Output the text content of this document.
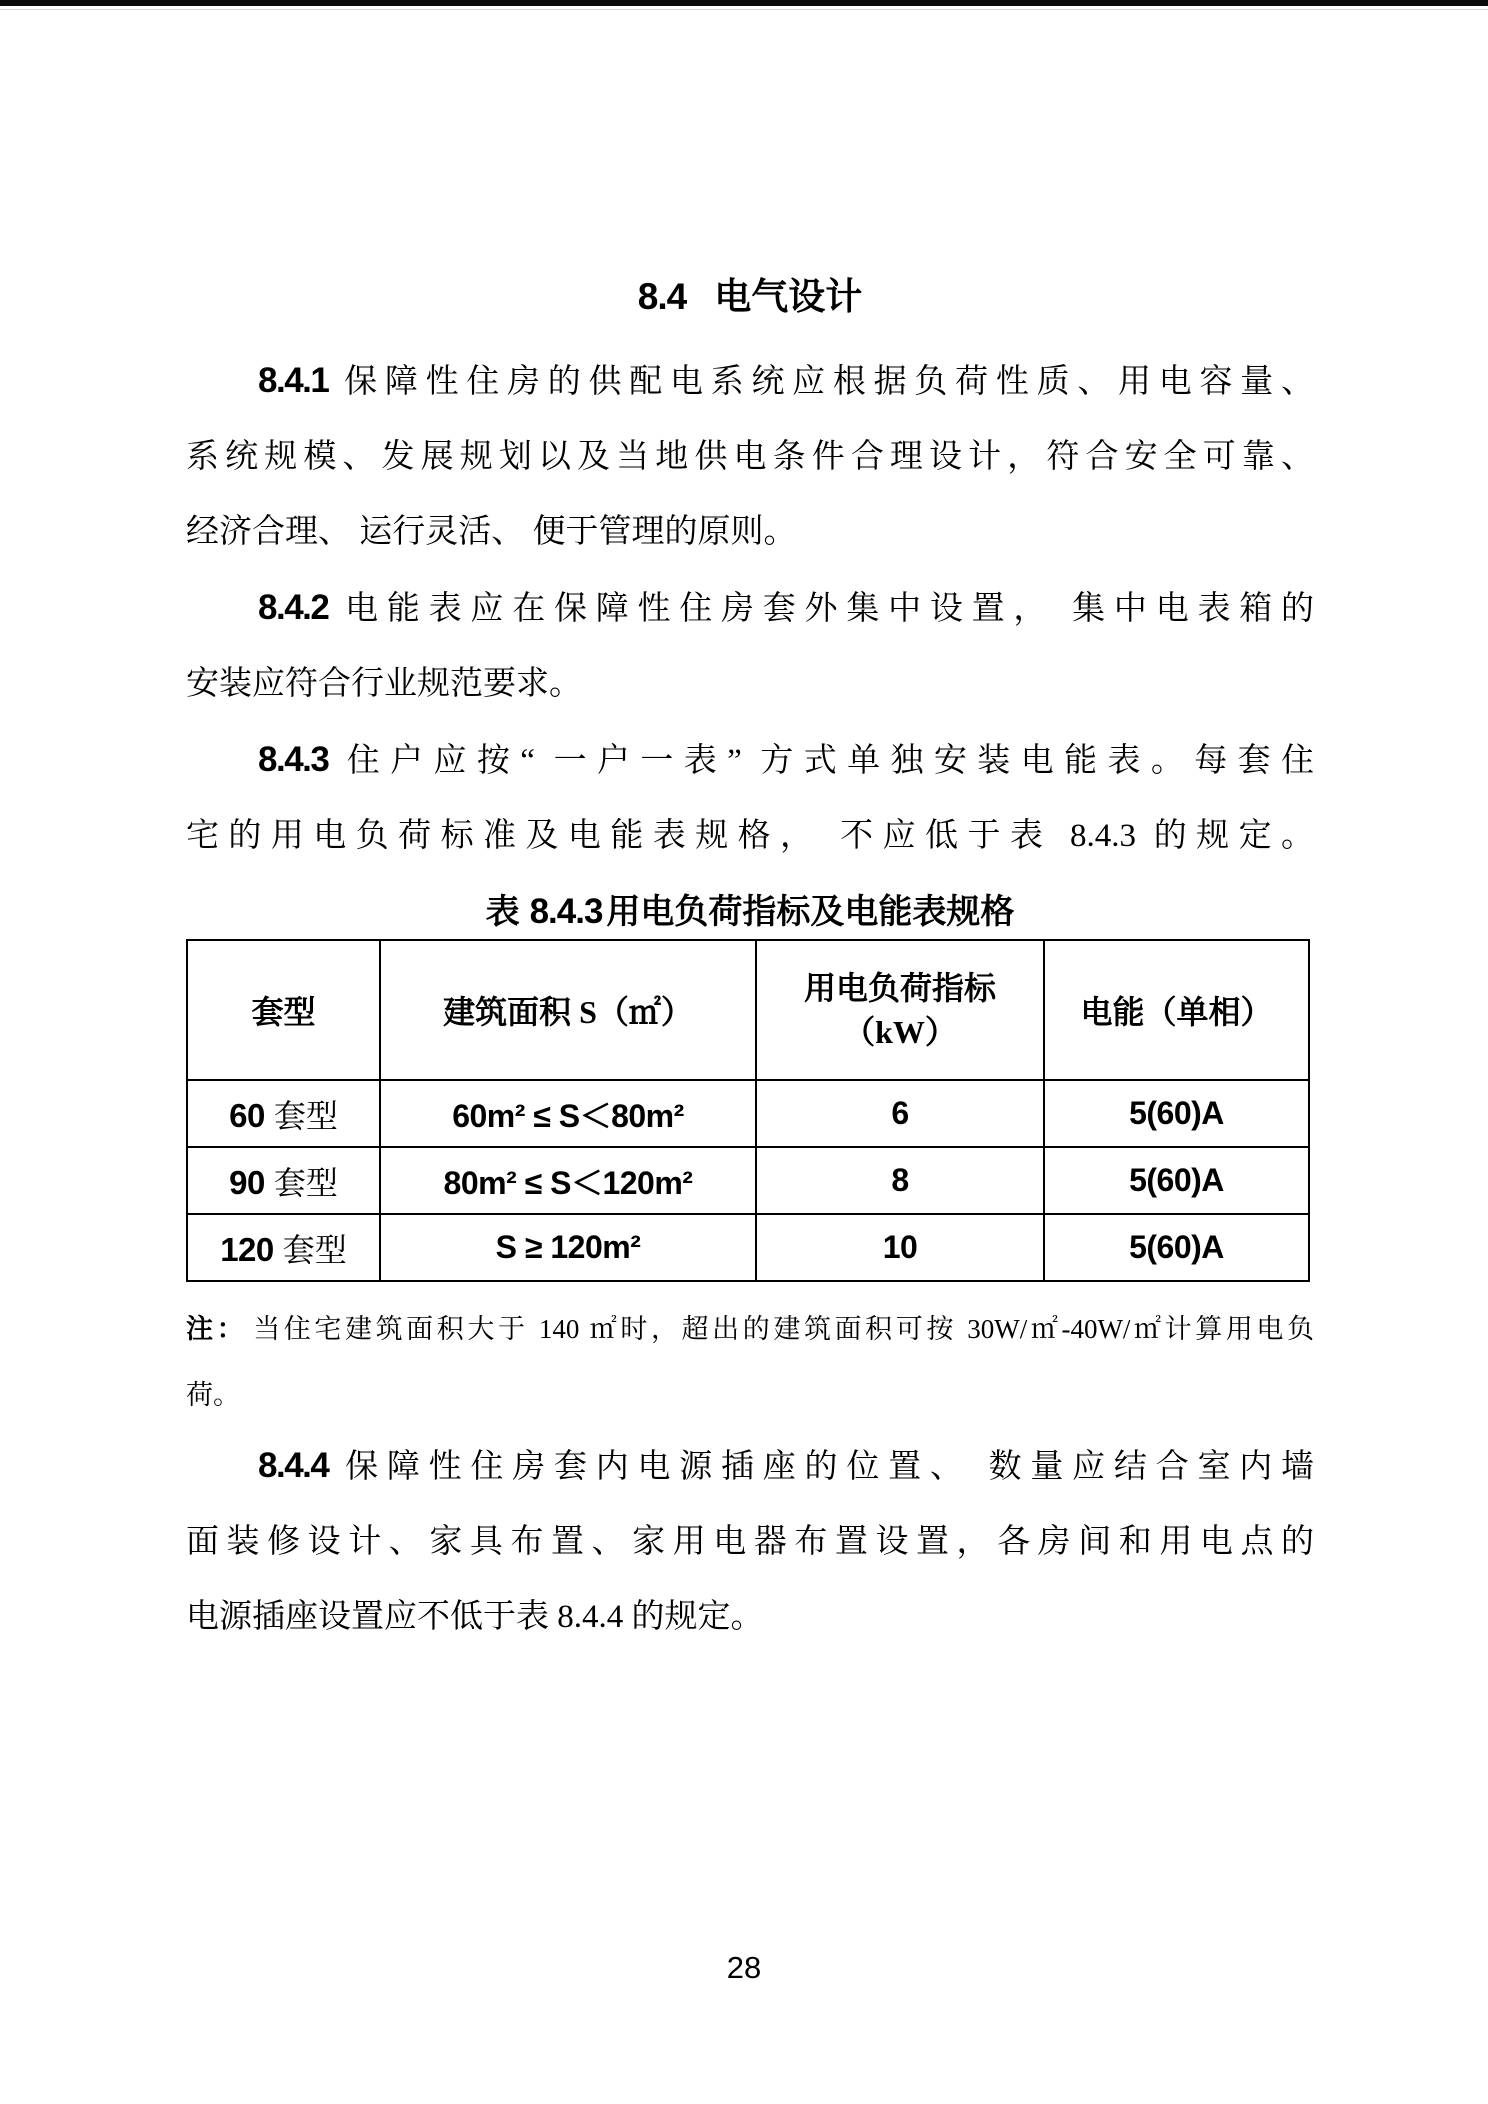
8.4 电气设计
8.4.1 保障性住房的供配电系统应根据负荷性质、用电容量、
系统规模、发展规划以及当地供电条件合理设计，符合安全可靠、
经济合理、 运行灵活、 便于管理的原则。
8.4.2 电能表应在保障性住房套外集中设置， 集中电表箱的
安装应符合行业规范要求。
8.4.3 住户应按“ 一户一表” 方式单独安装电能表。每套住
宅的用电负荷标准及电能表规格， 不应低于表 8.4.3 的规定。
表 8.4.3 用电负荷指标及电能表规格
套型	建筑面积 S（㎡）	用电负荷指标
（kW）	电能（单相）
60 套型	60m² ≤ S＜80m²	6	5(60)A
90 套型	80m² ≤ S＜120m²	8	5(60)A
120 套型	S ≥ 120m²	10	5(60)A
注： 当住宅建筑面积大于 140 ㎡时，超出的建筑面积可按 30W/㎡-40W/㎡计算用电负
荷。
8.4.4 保障性住房套内电源插座的位置、 数量应结合室内墙
面装修设计、家具布置、家用电器布置设置，各房间和用电点的
电源插座设置应不低于表 8.4.4 的规定。
28
